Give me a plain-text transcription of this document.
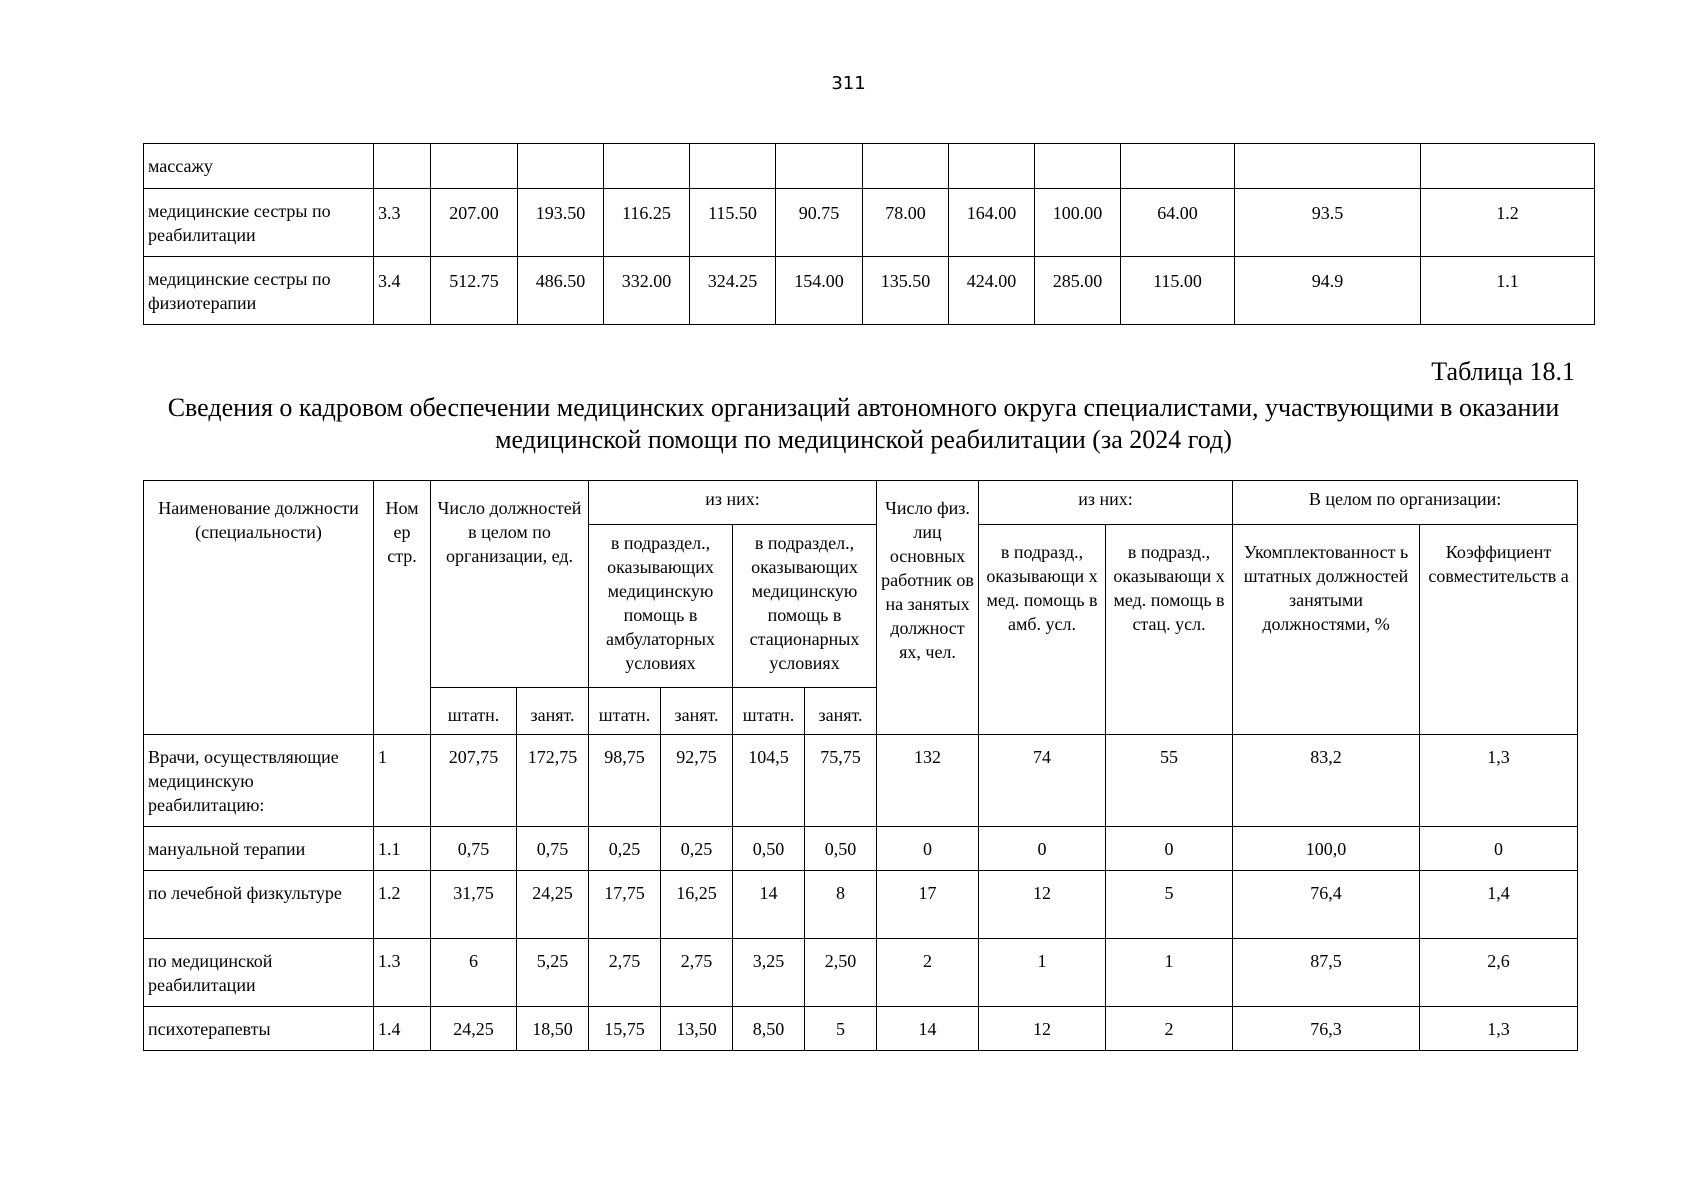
311
массажу												
медицинские сестры по реабилитации	3.3	207.00	193.50	116.25	115.50	90.75	78.00	164.00	100.00	64.00	93.5	1.2
медицинские сестры по физиотерапии	3.4	512.75	486.50	332.00	324.25	154.00	135.50	424.00	285.00	115.00	94.9	1.1
Таблица 18.1
Сведения о кадровом обеспечении медицинских организаций автономного округа специалистами, участвующими в оказании медицинской помощи по медицинской реабилитации (за 2024 год)
Наименование должности (специальности)	Ном ер стр.	Число должностей в целом по организации, ед.		из них:				Число физ. лиц основных работник ов на занятых должност ях, чел.	из них:		В целом по организации:	
				в подраздел., оказывающих медицинскую помощь в амбулаторных условиях		в подраздел., оказывающих медицинскую помощь в стационарных условиях			в подразд., оказывающи х мед. помощь в амб. усл.	в подразд., оказывающи х мед. помощь в стац. усл.	Укомплектованност ь штатных должностей занятыми должностями, %	Коэффициент совместительств а
		штатн.	занят.	штатн.	занят.	штатн.	занят.					
Врачи, осуществляющие медицинскую реабилитацию:	1	207,75	172,75	98,75	92,75	104,5	75,75	132	74	55	83,2	1,3
мануальной терапии	1.1	0,75	0,75	0,25	0,25	0,50	0,50	0	0	0	100,0	0
по лечебной физкультуре	1.2	31,75	24,25	17,75	16,25	14	8	17	12	5	76,4	1,4
по медицинской реабилитации	1.3	6	5,25	2,75	2,75	3,25	2,50	2	1	1	87,5	2,6
психотерапевты	1.4	24,25	18,50	15,75	13,50	8,50	5	14	12	2	76,3	1,3
